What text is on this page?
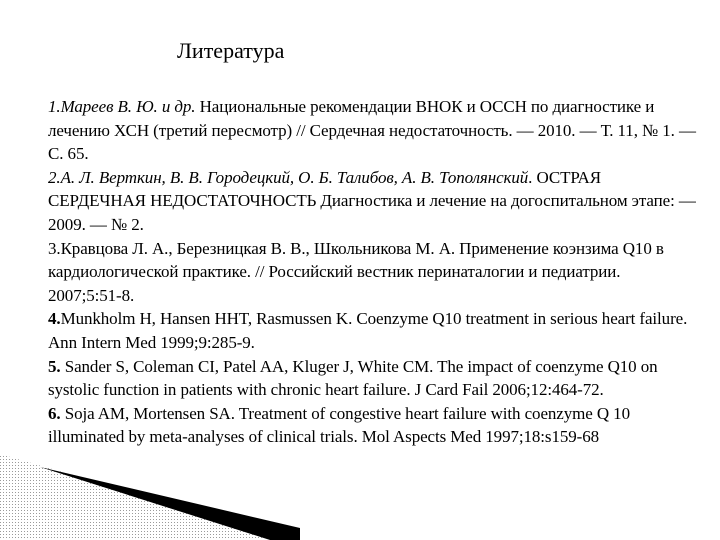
Литература

1.Мареев В. Ю. и др. Национальные рекомендации ВНОК и ОССН по диагностике и лечению ХСН (третий пересмотр) // Сердечная недостаточность. — 2010. — Т. 11, № 1. — С. 65.

2.А. Л. Верткин, В. В. Городецкий, О. Б. Талибов, А. В. Тополянский. ОСТРАЯ СЕРДЕЧНАЯ НЕДОСТАТОЧНОСТЬ Диагностика и лечение на догоспитальном этапе: — 2009. — № 2.

3.Кравцова Л. А., Березницкая В. В., Школьникова М. А. Применение коэнзима Q10 в кардиологической практике. // Российский вестник перинаталогии и педиатрии. 2007;5:51-8.

4.Munkholm H, Hansen HHT, Rasmussen K. Coenzyme Q10 treatment in serious heart failure. Ann Intern Med 1999;9:285-9.

5. Sander S, Coleman CI, Patel AA, Kluger J, White CM. The impact of coenzyme Q10 on systolic function in patients with chronic heart failure. J Card Fail 2006;12:464-72.

6. Soja AM, Mortensen SA. Treatment of congestive heart failure with coenzyme Q 10 illuminated by meta-analyses of clinical trials. Mol Aspects Med 1997;18:s159-68
